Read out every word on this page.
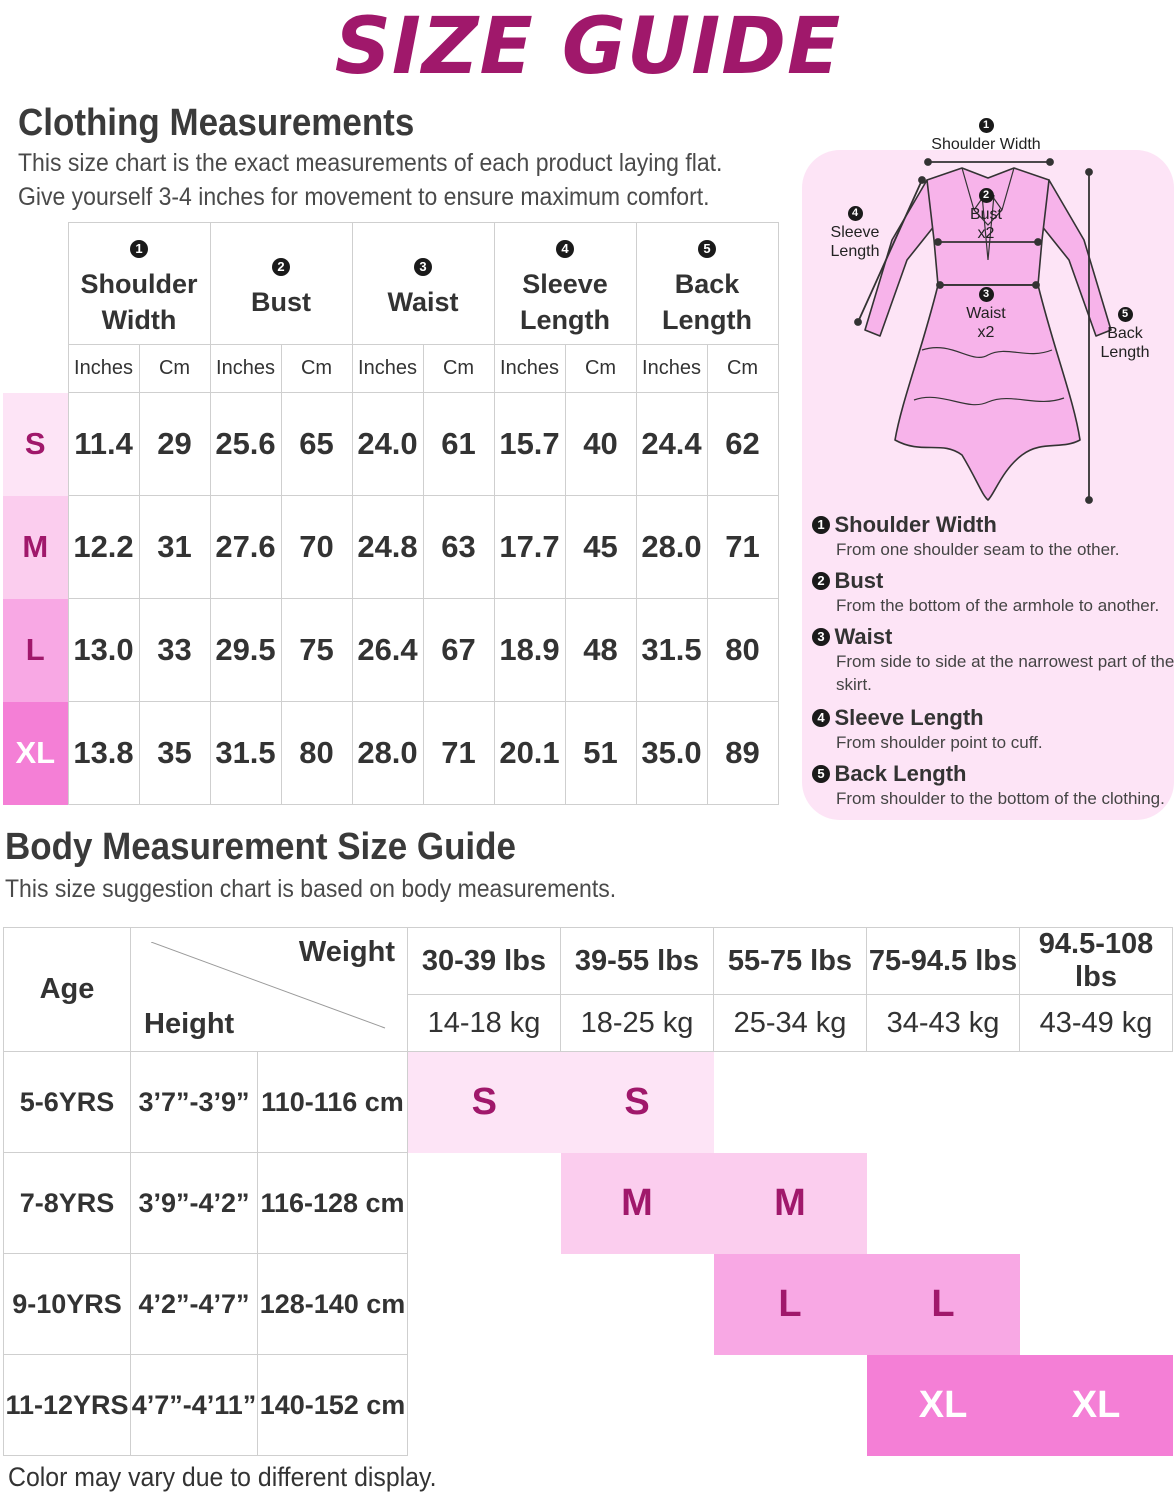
SIZE GUIDE
Clothing Measurements

This size chart is the exact measurements of each product laying flat.

Give yourself 3-4 inches for movement to ensure maximum comfort.

	1
Shoulder
Width		2
Bust		3
Waist		4
Sleeve
Length		5
Back
Length	
	Inches	Cm	Inches	Cm	Inches	Cm	Inches	Cm	Inches	Cm
S	11.4	29	25.6	65	24.0	61	15.7	40	24.4	62
M	12.2	31	27.6	70	24.8	63	17.7	45	28.0	71
L	13.0	33	29.5	75	26.4	67	18.9	48	31.5	80
XL	13.8	35	31.5	80	28.0	71	20.1	51	35.0	89
1
Shoulder Width
2
Bust
x2
3
Waist
x2
4
Sleeve
Length
5
Back
Length
1 Shoulder Width
From one shoulder seam to the other.
2 Bust
From the bottom of the armhole to another.
3 Waist
From side to side at the narrowest part of the skirt.
4 Sleeve Length
From shoulder point to cuff.
5 Back Length
From shoulder to the bottom of the clothing.
Body Measurement Size Guide

This size suggestion chart is based on body measurements.

Age	Weight
Height		30-39 lbs	39-55 lbs	55-75 lbs	75-94.5 lbs	94.5-108 lbs
			14-18 kg	18-25 kg	25-34 kg	34-43 kg	43-49 kg
5-6YRS	3’7”-3’9”	110-116 cm	S	S			
7-8YRS	3’9”-4’2”	116-128 cm		M	M		
9-10YRS	4’2”-4’7”	128-140 cm			L	L	
11-12YRS	4’7”-4’11”	140-152 cm				XL	XL
Color may vary due to different display.
